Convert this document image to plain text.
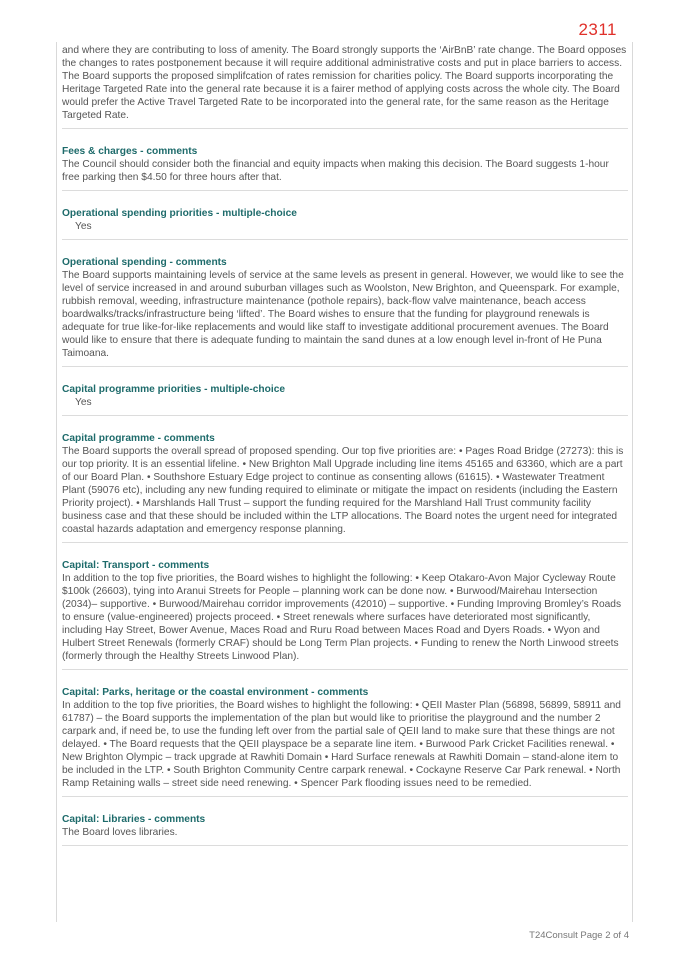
2311

and where they are contributing to loss of amenity. The Board strongly supports the ‘AirBnB’ rate change. The Board opposes the changes to rates postponement because it will require additional administrative costs and put in place barriers to access. The Board supports the proposed simplifcation of rates remission for charities policy. The Board supports incorporating the Heritage Targeted Rate into the general rate because it is a fairer method of applying costs across the whole city. The Board would prefer the Active Travel Targeted Rate to be incorporated into the general rate, for the same reason as the Heritage Targeted Rate.

Fees & charges - comments

The Council should consider both the financial and equity impacts when making this decision. The Board suggests 1-hour free parking then $4.50 for three hours after that.

Operational spending priorities - multiple-choice

Yes

Operational spending - comments

The Board supports maintaining levels of service at the same levels as present in general. However, we would like to see the level of service increased in and around suburban villages such as Woolston, New Brighton, and Queenspark. For example, rubbish removal, weeding, infrastructure maintenance (pothole repairs), back-flow valve maintenance, beach access boardwalks/tracks/infrastructure being ‘lifted’. The Board wishes to ensure that the funding for playground renewals is adequate for true like-for-like replacements and would like staff to investigate additional procurement avenues. The Board would like to ensure that there is adequate funding to maintain the sand dunes at a low enough level in-front of He Puna Taimoana.

Capital programme priorities - multiple-choice

Yes

Capital programme - comments

The Board supports the overall spread of proposed spending. Our top five priorities are: • Pages Road Bridge (27273): this is our top priority. It is an essential lifeline. • New Brighton Mall Upgrade including line items 45165 and 63360, which are a part of our Board Plan. • Southshore Estuary Edge project to continue as consenting allows (61615). • Wastewater Treatment Plant (59076 etc), including any new funding required to eliminate or mitigate the impact on residents (including the Eastern Priority project). • Marshlands Hall Trust – support the funding required for the Marshland Hall Trust community facility business case and that these should be included within the LTP allocations. The Board notes the urgent need for integrated coastal hazards adaptation and emergency response planning.

Capital: Transport - comments

In addition to the top five priorities, the Board wishes to highlight the following: • Keep Otakaro-Avon Major Cycleway Route $100k (26603), tying into Aranui Streets for People – planning work can be done now. • Burwood/Mairehau Intersection (2034)– supportive. • Burwood/Mairehau corridor improvements (42010) – supportive. • Funding Improving Bromley’s Roads to ensure (value-engineered) projects proceed. • Street renewals where surfaces have deteriorated most significantly, including Hay Street, Bower Avenue, Maces Road and Ruru Road between Maces Road and Dyers Roads. • Wyon and Hulbert Street Renewals (formerly CRAF) should be Long Term Plan projects. • Funding to renew the North Linwood streets (formerly through the Healthy Streets Linwood Plan).

Capital: Parks, heritage or the coastal environment - comments

In addition to the top five priorities, the Board wishes to highlight the following: • QEII Master Plan (56898, 56899, 58911 and 61787) – the Board supports the implementation of the plan but would like to prioritise the playground and the number 2 carpark and, if need be, to use the funding left over from the partial sale of QEII land to make sure that these things are not delayed. • The Board requests that the QEII playspace be a separate line item. • Burwood Park Cricket Facilities renewal. • New Brighton Olympic – track upgrade at Rawhiti Domain • Hard Surface renewals at Rawhiti Domain – stand-alone item to be included in the LTP. • South Brighton Community Centre carpark renewal. • Cockayne Reserve Car Park renewal. • North Ramp Retaining walls – street side need renewing. • Spencer Park flooding issues need to be remedied.

Capital: Libraries - comments

The Board loves libraries.

T24Consult Page 2 of 4
